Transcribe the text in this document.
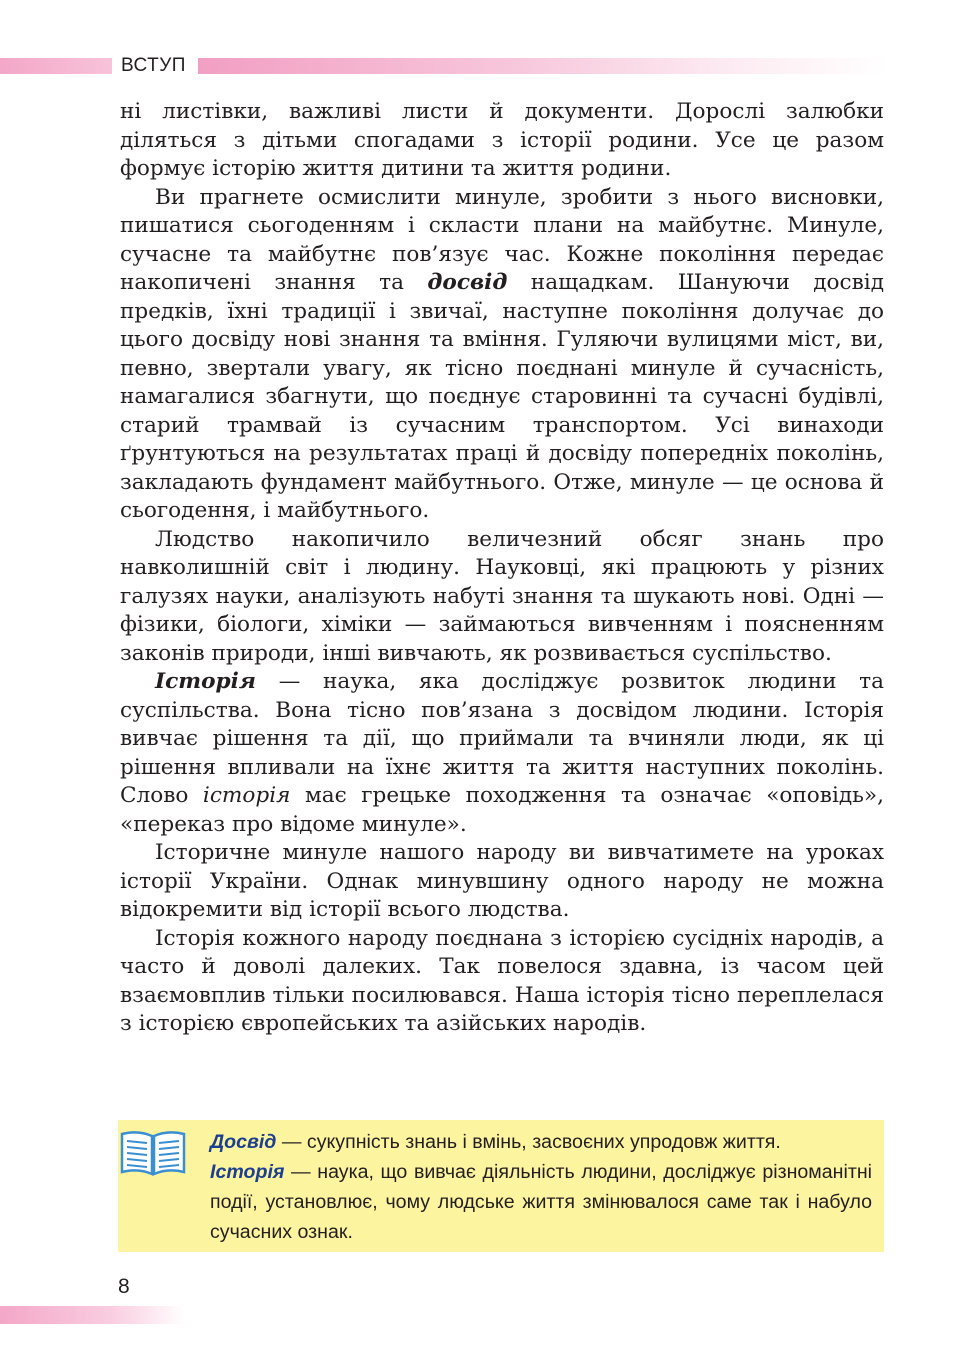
ВСТУП

ні листівки, важливі листи й документи. Дорослі залюбки діляться з дітьми спогадами з історії родини. Усе це разом формує історію життя дитини та життя родини.

Ви прагнете осмислити минуле, зробити з нього висновки, пишатися сьогоденням і скласти плани на майбутнє. Минуле, сучасне та майбутнє пов’язує час. Кожне покоління передає накопичені знання та досвід нащадкам. Шануючи досвід предків, їхні традиції і звичаї, наступне покоління долучає до цього досвіду нові знання та вміння. Гуляючи вулицями міст, ви, певно, звертали увагу, як тісно поєднані минуле й сучасність, намагалися збагнути, що поєднує старовинні та сучасні будівлі, старий трамвай із сучасним транспортом. Усі винаходи ґрунтуються на результатах праці й досвіду попередніх поколінь, закладають фундамент майбутнього. Отже, минуле — це основа й сьогодення, і майбутнього.

Людство накопичило величезний обсяг знань про навколишній світ і людину. Науковці, які працюють у різних галузях науки, аналізують набуті знання та шукають нові. Одні — фізики, біологи, хіміки — займаються вивченням і поясненням законів природи, інші вивчають, як розвивається суспільство.

Історія — наука, яка досліджує розвиток людини та суспільства. Вона тісно пов’язана з досвідом людини. Історія вивчає рішення та дії, що приймали та вчиняли люди, як ці рішення впливали на їхнє життя та життя наступних поколінь. Слово історія має грецьке походження та означає «оповідь», «переказ про відоме минуле».

Історичне минуле нашого народу ви вивчатимете на уроках історії України. Однак минувшину одного народу не можна відокремити від історії всього людства.

Історія кожного народу поєднана з історією сусідніх народів, а часто й доволі далеких. Так повелося здавна, із часом цей взаємовплив тільки посилювався. Наша історія тісно переплелася з історією європейських та азійських народів.

Досвід — сукупність знань і вмінь, засвоєних упродовж життя.

Історія — наука, що вивчає діяльність людини, досліджує різноманітні події, установлює, чому людське життя змінювалося саме так і набуло сучасних ознак.

8
